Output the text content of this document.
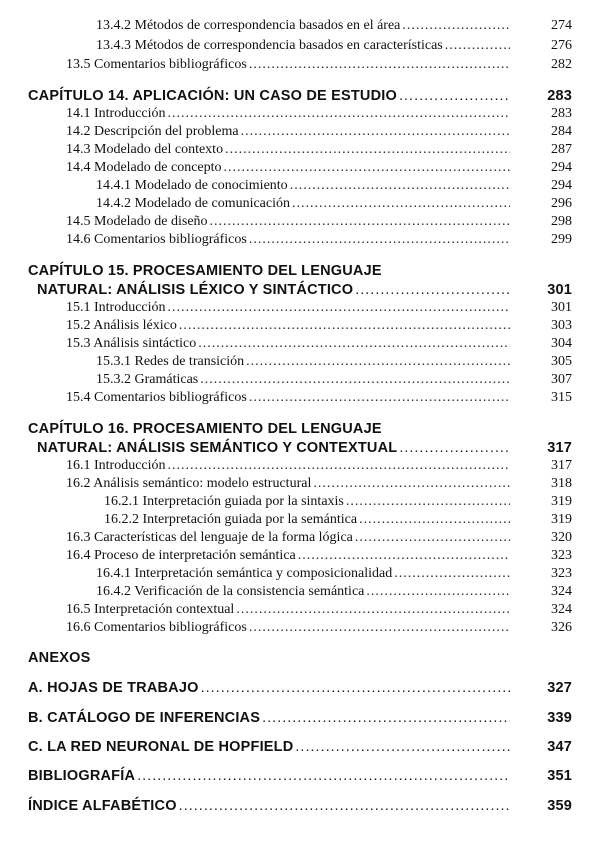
13.4.2 Métodos de correspondencia basados en el área .....	274
13.4.3 Métodos de correspondencia basados en características .....	276
13.5 Comentarios bibliográficos .....	282
CAPÍTULO 14. APLICACIÓN: UN CASO DE ESTUDIO .....	283
14.1 Introducción .....	283
14.2 Descripción del problema .....	284
14.3 Modelado del contexto .....	287
14.4 Modelado de concepto .....	294
14.4.1 Modelado de conocimiento .....	294
14.4.2 Modelado de comunicación .....	296
14.5 Modelado de diseño .....	298
14.6 Comentarios bibliográficos .....	299
CAPÍTULO 15. PROCESAMIENTO DEL LENGUAJE
NATURAL: ANÁLISIS LÉXICO Y SINTÁCTICO .....	301
15.1 Introducción .....	301
15.2 Análisis léxico .....	303
15.3 Análisis sintáctico .....	304
15.3.1 Redes de transición .....	305
15.3.2 Gramáticas .....	307
15.4 Comentarios bibliográficos .....	315
CAPÍTULO 16. PROCESAMIENTO DEL LENGUAJE
NATURAL: ANÁLISIS SEMÁNTICO Y CONTEXTUAL .....	317
16.1 Introducción .....	317
16.2 Análisis semántico: modelo estructural .....	318
16.2.1 Interpretación guiada por la sintaxis .....	319
16.2.2 Interpretación guiada por la semántica .....	319
16.3 Características del lenguaje de la forma lógica .....	320
16.4 Proceso de interpretación semántica .....	323
16.4.1 Interpretación semántica y composicionalidad .....	323
16.4.2 Verificación de la consistencia semántica .....	324
16.5 Interpretación contextual .....	324
16.6 Comentarios bibliográficos .....	326
ANEXOS
A. HOJAS DE TRABAJO .....	327
B. CATÁLOGO DE INFERENCIAS .....	339
C. LA RED NEURONAL DE HOPFIELD .....	347
BIBLIOGRAFÍA .....	351
ÍNDICE ALFABÉTICO .....	359
